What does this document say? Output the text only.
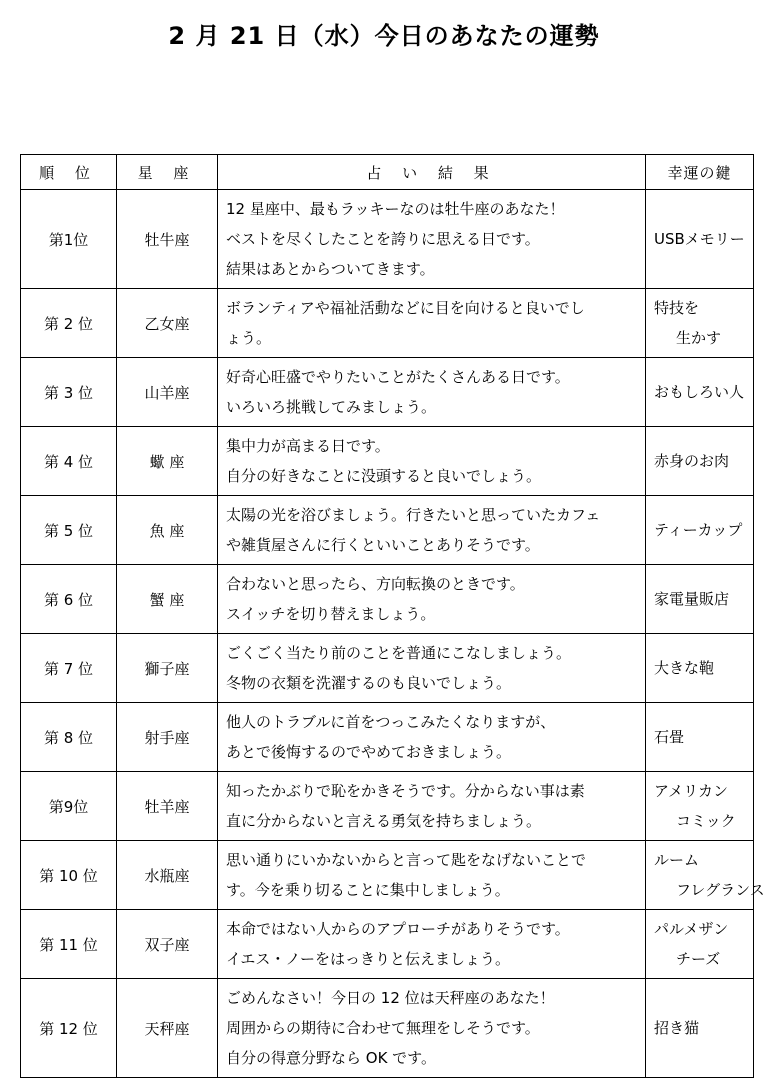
2 月 21 日（水）今日のあなたの運勢
順 位	星 座	占 い 結 果	幸運の鍵
第1位	牡牛座	12 星座中、最もラッキーなのは牡牛座のあなた！
ベストを尽くしたことを誇りに思える日です。
結果はあとからついてきます。	USBメモリー

第 2 位	乙女座	ボランティアや福祉活動などに目を向けると良いでし
ょう。	特技を
生かす

第 3 位	山羊座	好奇心旺盛でやりたいことがたくさんある日です。
いろいろ挑戦してみましょう。	おもしろい人

第 4 位	蠍 座	集中力が高まる日です。
自分の好きなことに没頭すると良いでしょう。	赤身のお肉

第 5 位	魚 座	太陽の光を浴びましょう。行きたいと思っていたカフェ
や雑貨屋さんに行くといいことありそうです。	ティーカップ

第 6 位	蟹 座	合わないと思ったら、方向転換のときです。
スイッチを切り替えましょう。	家電量販店

第 7 位	獅子座	ごくごく当たり前のことを普通にこなしましょう。
冬物の衣類を洗濯するのも良いでしょう。	大きな鞄

第 8 位	射手座	他人のトラブルに首をつっこみたくなりますが、
あとで後悔するのでやめておきましょう。	石畳

第9位	牡羊座	知ったかぶりで恥をかきそうです。分からない事は素
直に分からないと言える勇気を持ちましょう。	アメリカン
コミック

第 10 位	水瓶座	思い通りにいかないからと言って匙をなげないことで
す。今を乗り切ることに集中しましょう。	ルーム
フレグランス

第 11 位	双子座	本命ではない人からのアプローチがありそうです。
イエス・ノーをはっきりと伝えましょう。	パルメザン
チーズ

第 12 位	天秤座	ごめんなさい！今日の 12 位は天秤座のあなた！
周囲からの期待に合わせて無理をしそうです。
自分の得意分野なら OK です。	招き猫
